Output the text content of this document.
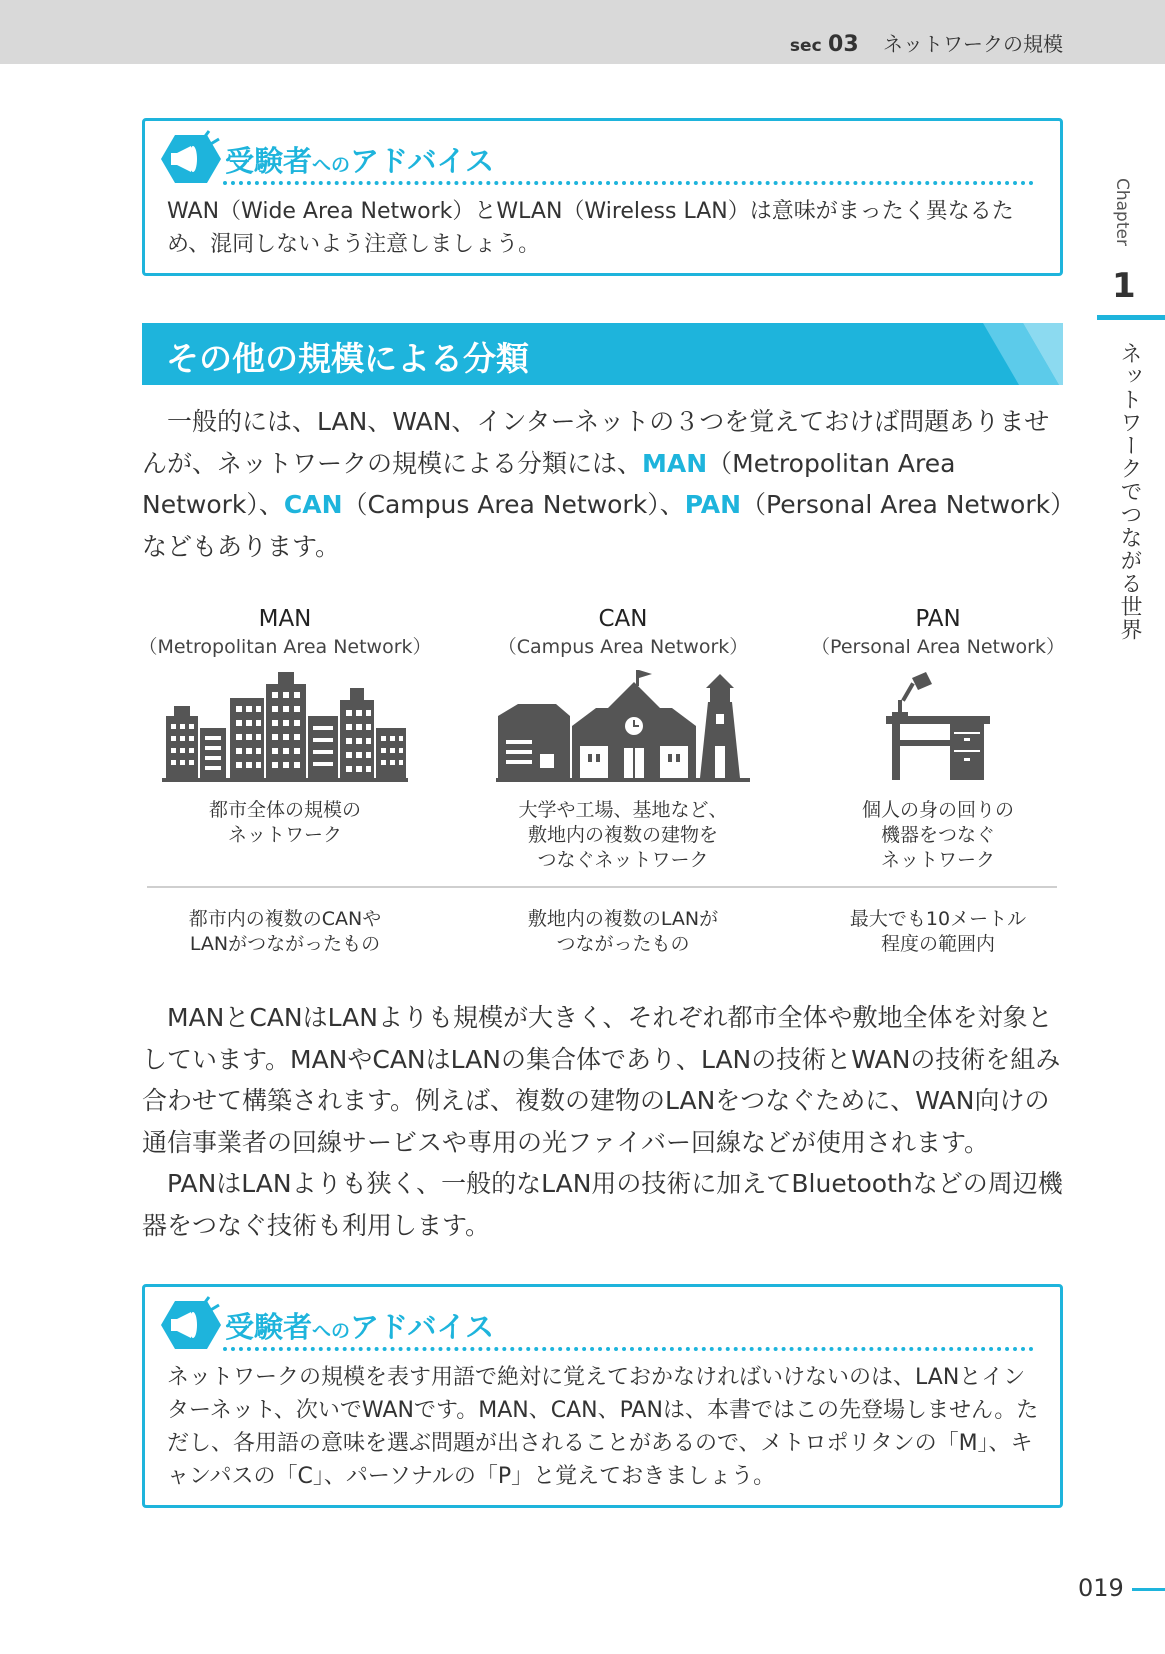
sec 03 ネットワークの規模
Chapter
1
ネットワークでつながる世界
受験者へのアドバイス
WAN（Wide Area Network）とWLAN（Wireless LAN）は意味がまったく異なるため、混同しないよう注意しましょう。
その他の規模による分類
　一般的には、LAN、WAN、インターネットの３つを覚えておけば問題ありませんが、ネットワークの規模による分類には、MAN（Metropolitan Area Network）、CAN（Campus Area Network）、PAN（Personal Area Network）などもあります。
MAN
（Metropolitan Area Network）
都市全体の規模の
ネットワーク
都市内の複数のCANや
LANがつながったもの
CAN
（Campus Area Network）
大学や工場、基地など、
敷地内の複数の建物を
つなぐネットワーク
敷地内の複数のLANが
つながったもの
PAN
（Personal Area Network）
個人の身の回りの
機器をつなぐ
ネットワーク
最大でも10メートル
程度の範囲内
　MANとCANはLANよりも規模が大きく、それぞれ都市全体や敷地全体を対象としています。MANやCANはLANの集合体であり、LANの技術とWANの技術を組み合わせて構築されます。例えば、複数の建物のLANをつなぐために、WAN向けの通信事業者の回線サービスや専用の光ファイバー回線などが使用されます。
　PANはLANよりも狭く、一般的なLAN用の技術に加えてBluetoothなどの周辺機器をつなぐ技術も利用します。
受験者へのアドバイス
ネットワークの規模を表す用語で絶対に覚えておかなければいけないのは、LANとインターネット、次いでWANです。MAN、CAN、PANは、本書ではこの先登場しません。ただし、各用語の意味を選ぶ問題が出されることがあるので、メトロポリタンの「M」、キャンパスの「C」、パーソナルの「P」と覚えておきましょう。
019
